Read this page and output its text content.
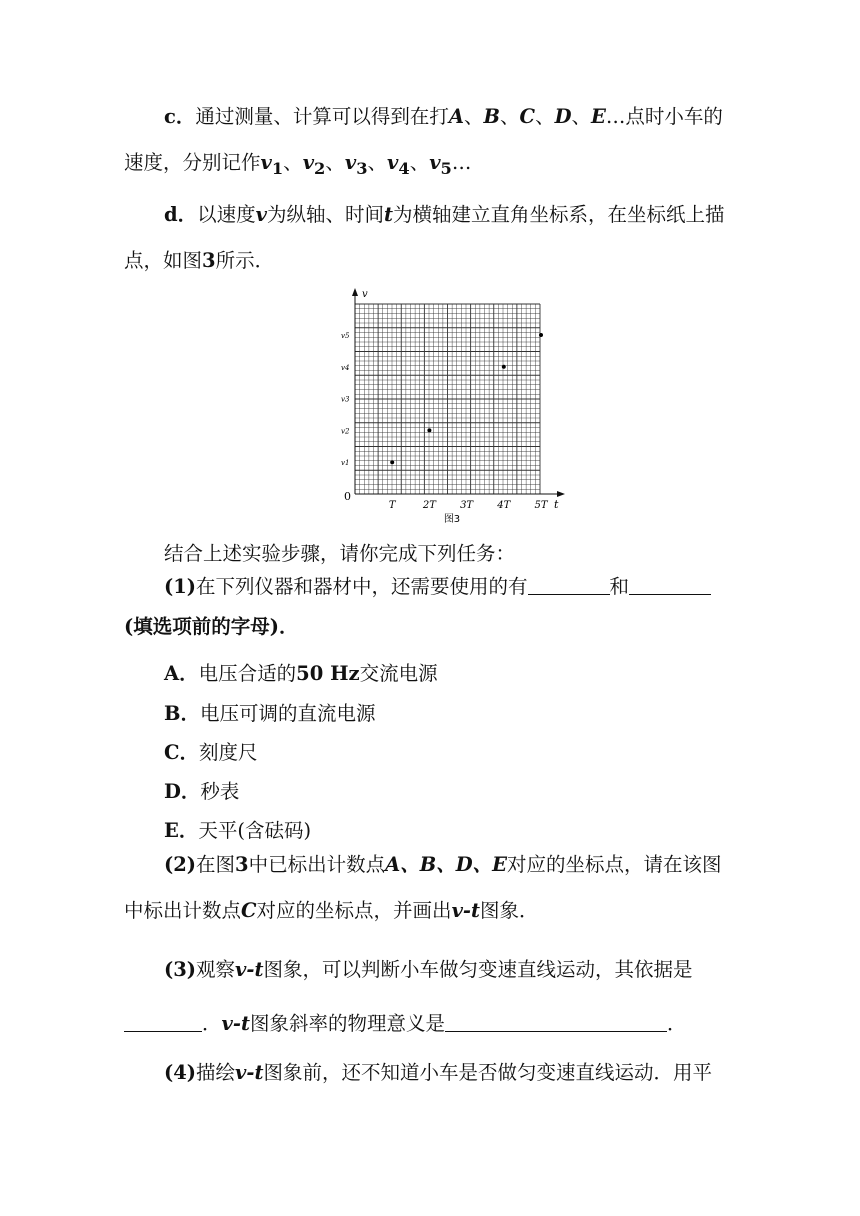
c．通过测量、计算可以得到在打A、B、C、D、E…点时小车的速度，分别记作$v_1$、$v_2$、$v_3$、$v_4$、$v_5\dots$
d．以速度v为纵轴、时间t为横轴建立直角坐标系，在坐标纸上描点，如图3所示．
v
t
0
T	2T 3T 4T 5T
v1
v2
v3
v4
v5
图3
结合上述实验步骤，请你完成下列任务：
(1)在下列仪器和器材中，还需要使用的有	和(填选项前的字母)．
A．电压合适的50 Hz交流电源
B．电压可调的直流电源
C．刻度尺
D．秒表
E．天平(含砝码)
(2)在图3中已标出计数点A、B、D、E对应的坐标点，请在该图中标出计数点C对应的坐标点，并画出v-t图象．
(3)观察v-t图象，可以判断小车做匀变速直线运动，其依据是．v-t图象斜率的物理意义是	．
(4)描绘v-t图象前，还不知道小车是否做匀变速直线运动．用平
